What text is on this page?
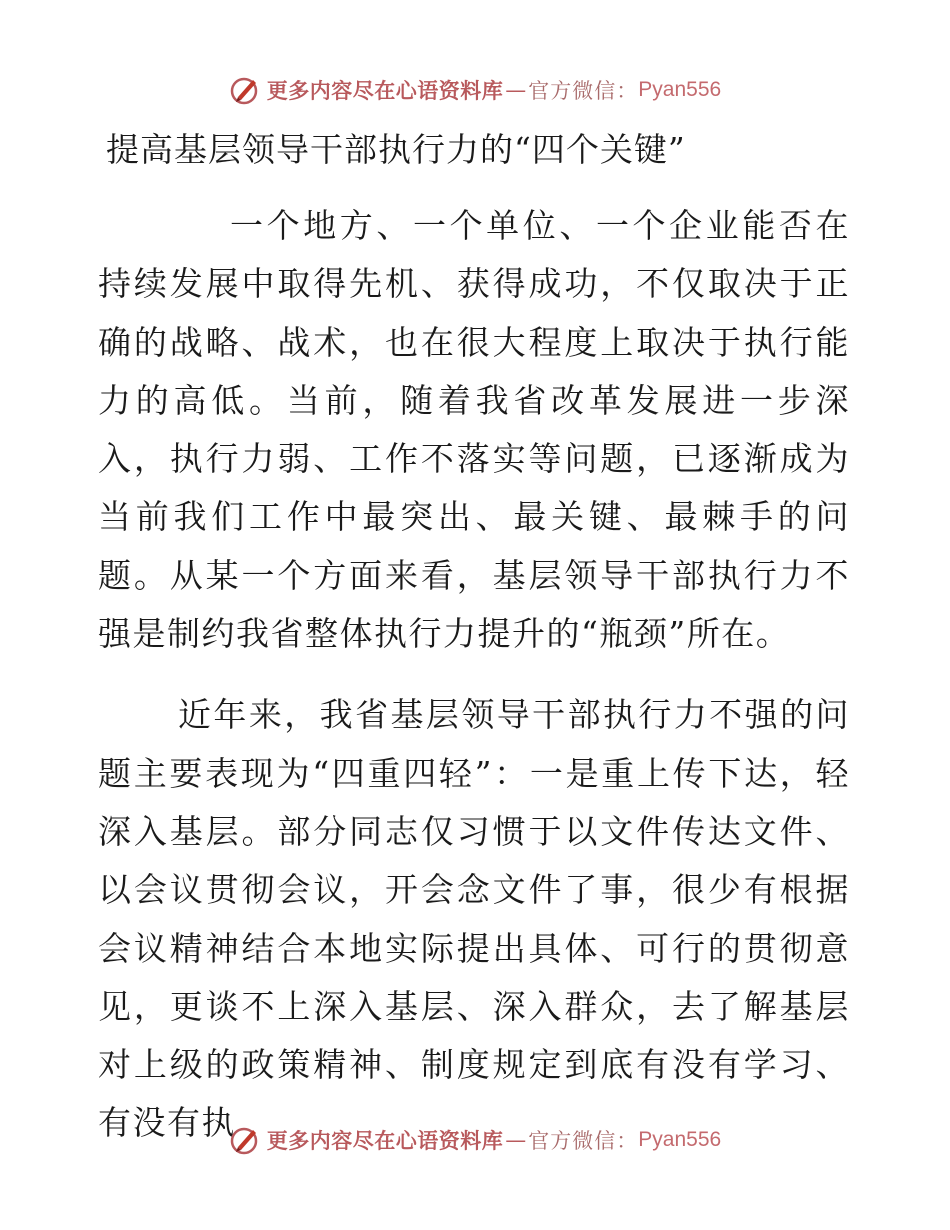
更多内容尽在心语资料库 — 官方微信： Pyan556
提高基层领导干部执行力的“四个关键”

一个地方、一个单位、一个企业能否在持续发展中取得先机、获得成功，不仅取决于正确的战略、战术，也在很大程度上取决于执行能力的高低。当前，随着我省改革发展进一步深入，执行力弱、工作不落实等问题，已逐渐成为当前我们工作中最突出、最关键、最棘手的问题。从某一个方面来看，基层领导干部执行力不强是制约我省整体执行力提升的“瓶颈”所在。

近年来，我省基层领导干部执行力不强的问题主要表现为“四重四轻”：一是重上传下达，轻深入基层。部分同志仅习惯于以文件传达文件、以会议贯彻会议，开会念文件了事，很少有根据会议精神结合本地实际提出具体、可行的贯彻意见，更谈不上深入基层、深入群众，去了解基层对上级的政策精神、制度规定到底有没有学习、有没有执	更多内容尽在心语资料库 — 官方微信： Pyan556
